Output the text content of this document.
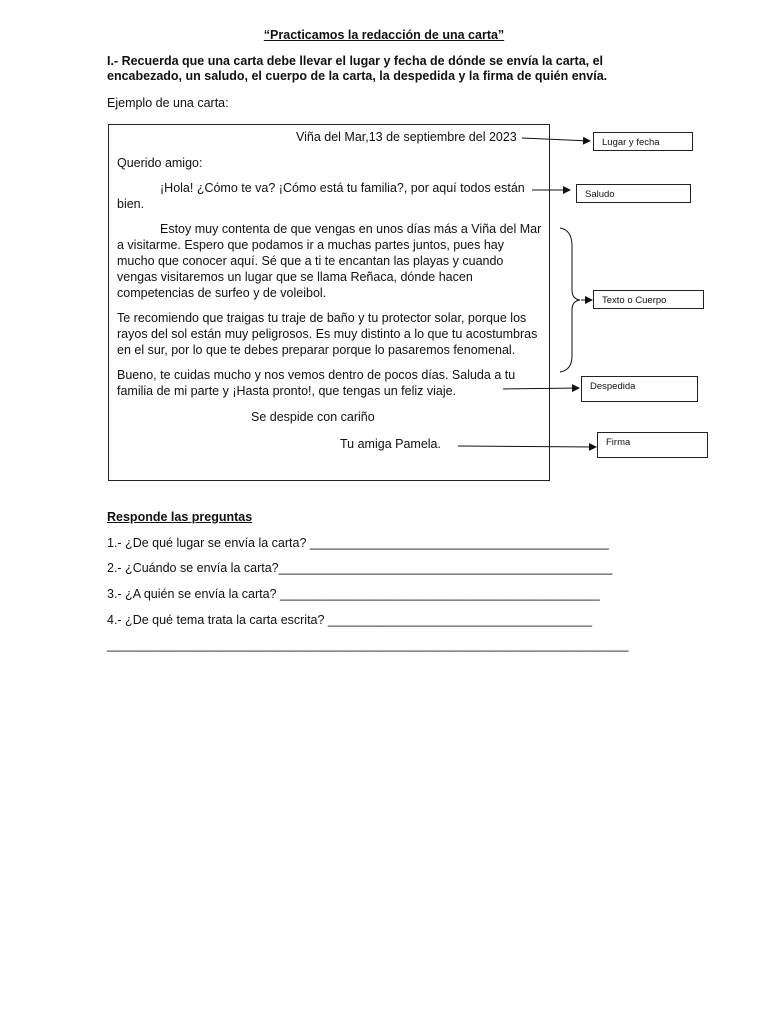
“Practicamos la redacción de una carta”
I.- Recuerda que una carta debe llevar el lugar y fecha de dónde se envía la carta, el encabezado, un saludo, el cuerpo de la carta, la despedida y la firma de quién envía.
Ejemplo de una carta:
Viña del Mar,13 de septiembre del 2023
Querido amigo:
¡Hola! ¿Cómo te va? ¡Cómo está tu familia?, por aquí todos están
bien.
Estoy muy contenta de que vengas en unos días más a Viña del Mar
a visitarme. Espero que podamos ir a muchas partes juntos, pues hay
mucho que conocer aquí. Sé que a ti te encantan las playas y cuando
vengas visitaremos un lugar que se llama Reñaca, dónde hacen
competencias de surfeo y de voleibol.
Te recomiendo que traigas tu traje de baño y tu protector solar, porque los
rayos del sol están muy peligrosos. Es muy distinto a lo que tu acostumbras
en el sur, por lo que te debes preparar porque lo pasaremos fenomenal.
Bueno, te cuidas mucho y nos vemos dentro de pocos días. Saluda a tu
familia de mi parte y ¡Hasta pronto!, que tengas un feliz viaje.
Se despide con cariño
Tu amiga Pamela.
Lugar y fecha
Saludo
Texto o Cuerpo
Despedida
Firma
Responde las preguntas
1.- ¿De qué lugar se envía la carta? ___________________________________________
2.- ¿Cuándo se envía la carta?________________________________________________
3.- ¿A quién se envía la carta? ______________________________________________
4.- ¿De qué tema trata la carta escrita? ______________________________________
___________________________________________________________________________
